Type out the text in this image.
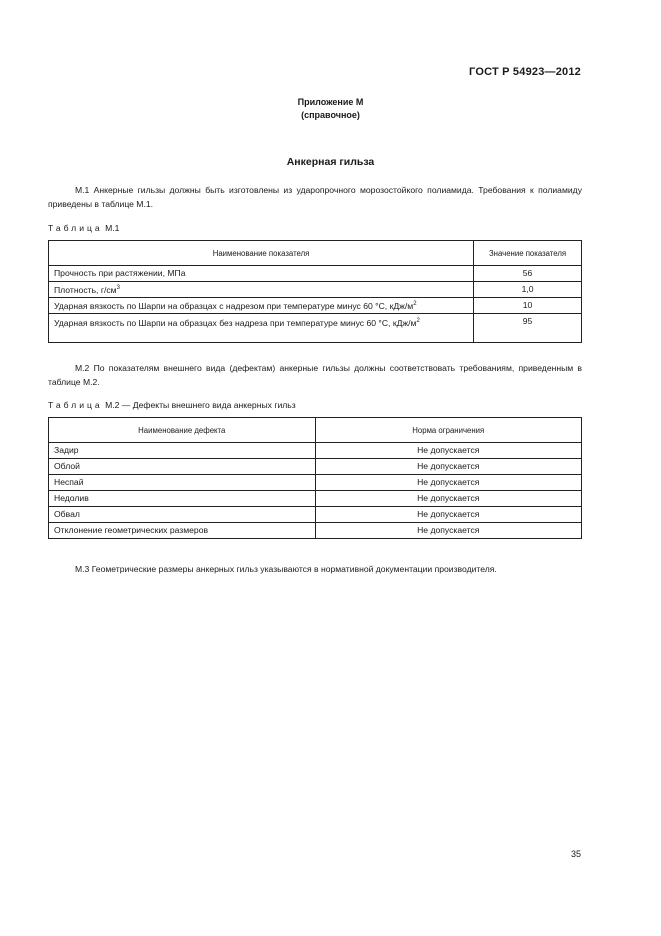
ГОСТ Р 54923—2012
Приложение М
(справочное)
Анкерная гильза
М.1 Анкерные гильзы должны быть изготовлены из ударопрочного морозостойкого полиамида. Требования к полиамиду приведены в таблице М.1.
Таблица М.1
Наименование показателя	Значение показателя
Прочность при растяжении, МПа	56
Плотность, $г/см^3$	1,0
Ударная вязкость по Шарпи на образцах с надрезом при температуре минус 60 °С, кДж/$м^2$	10
Ударная вязкость по Шарпи на образцах без надреза при температуре минус 60 °С, кДж/$м^2$	95
М.2 По показателям внешнего вида (дефектам) анкерные гильзы должны соответствовать требованиям, приведенным в таблице М.2.
Таблица М.2 — Дефекты внешнего вида анкерных гильз
Наименование дефекта	Норма ограничения
Задир	Не допускается
Облой	Не допускается
Неспай	Не допускается
Недолив	Не допускается
Обвал	Не допускается
Отклонение геометрических размеров	Не допускается
М.3 Геометрические размеры анкерных гильз указываются в нормативной документации производителя.
35
